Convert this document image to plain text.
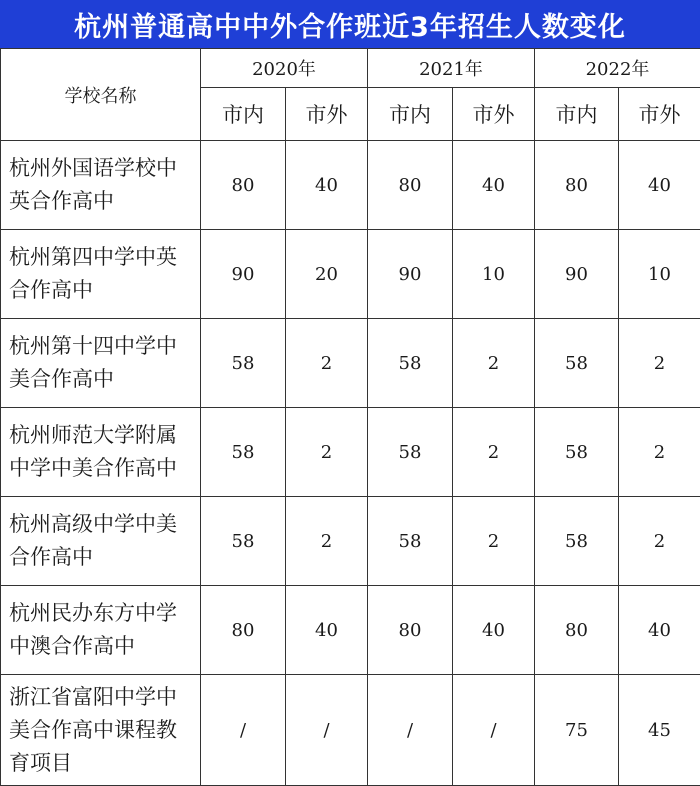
杭州普通高中中外合作班近3年招生人数变化
学校名称	2020年		2021年		2022年	
	市内	市外	市内	市外	市内	市外
杭州外国语学校中英合作高中	80	40	80	40	80	40
杭州第四中学中英合作高中	90	20	90	10	90	10
杭州第十四中学中美合作高中	58	2	58	2	58	2
杭州师范大学附属中学中美合作高中	58	2	58	2	58	2
杭州高级中学中美合作高中	58	2	58	2	58	2
杭州民办东方中学中澳合作高中	80	40	80	40	80	40
浙江省富阳中学中美合作高中课程教育项目	/	/	/	/	75	45
